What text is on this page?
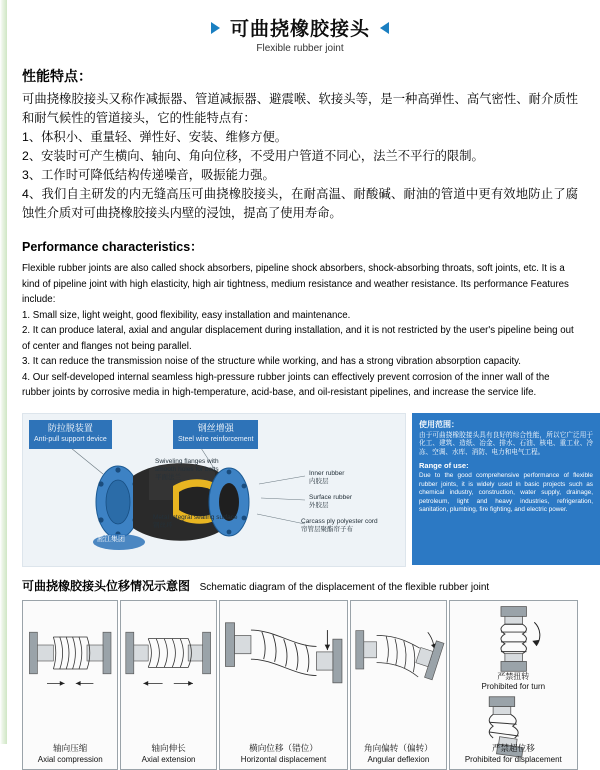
可曲挠橡胶接头
Flexible rubber joint
性能特点：
可曲挠橡胶接头又称作减振器、管道减振器、避震喉、软接头等，是一种高弹性、高气密性、耐介质性和耐气候性的管道接头，它的性能特点有：
1、体积小、重量轻、弹性好、安装、维修方便。
2、安装时可产生横向、轴向、角向位移，不受用户管道不同心，法兰不平行的限制。
3、工作时可降低结构传递噪音，吸振能力强。
4、我们自主研发的内无缝高压可曲挠橡胶接头，在耐高温、耐酸碱、耐油的管道中更有效地防止了腐蚀性介质对可曲挠橡胶接头内壁的浸蚀，提高了使用寿命。
Performance characteristics：
Flexible rubber joints are also called shock absorbers, pipeline shock absorbers, shock-absorbing throats, soft joints, etc. It is a kind of pipeline joint with high elasticity, high air tightness, medium resistance and weather resistance. Its performance Features include:
1. Small size, light weight, good flexibility, easy installation and maintenance.
2. It can produce lateral, axial and angular displacement during installation, and it is not restricted by the user's pipeline being out of center and flanges not being parallel.
3. It can reduce the transmission noise of the structure while working, and has a strong vibration absorption capacity.
4. Our self-developed internal seamless high-pressure rubber joints can effectively prevent corrosion of the inner wall of the rubber joints by corrosive media in high-temperature, acid-base, and oil-resistant pipelines, and increase the service life.
防拉脱装置
Anti-pull support device
钢丝增强
Steel wire reinforcement
Swiveling flanges with
smooth holes for bolts

平面法兰
Inner rubber

内胶层
Surface rubber

外胶层
Carcass ply polyester cord

帘管层聚酯帘子布
Metal integral sealing surface

钢丝环
淞江集团
使用范围：
由于可曲挠橡胶接头具有良好的综合性能，所以它广泛用于化工、建筑、造纸、冶金、排水、石油、核电、重工业、冷冻、空调、水库、消防、电力和电气工程。
Range of use:
Due to the good comprehensive performance of flexible rubber joints, it is widely used in basic projects such as chemical industry, construction, water supply, drainage, petroleum, light and heavy industries, refrigeration, sanitation, plumbing, fire fighting, and electric power.
可曲挠橡胶接头位移情况示意图 Schematic diagram of the displacement of the flexible rubber joint
轴向压缩
Axial compression
轴向伸长
Axial extension
横向位移（错位）
Horizontal displacement
角向偏转（偏转）
Angular deflexion
严禁扭转
Prohibited for turn
严禁超位移
Prohibited for displacement
